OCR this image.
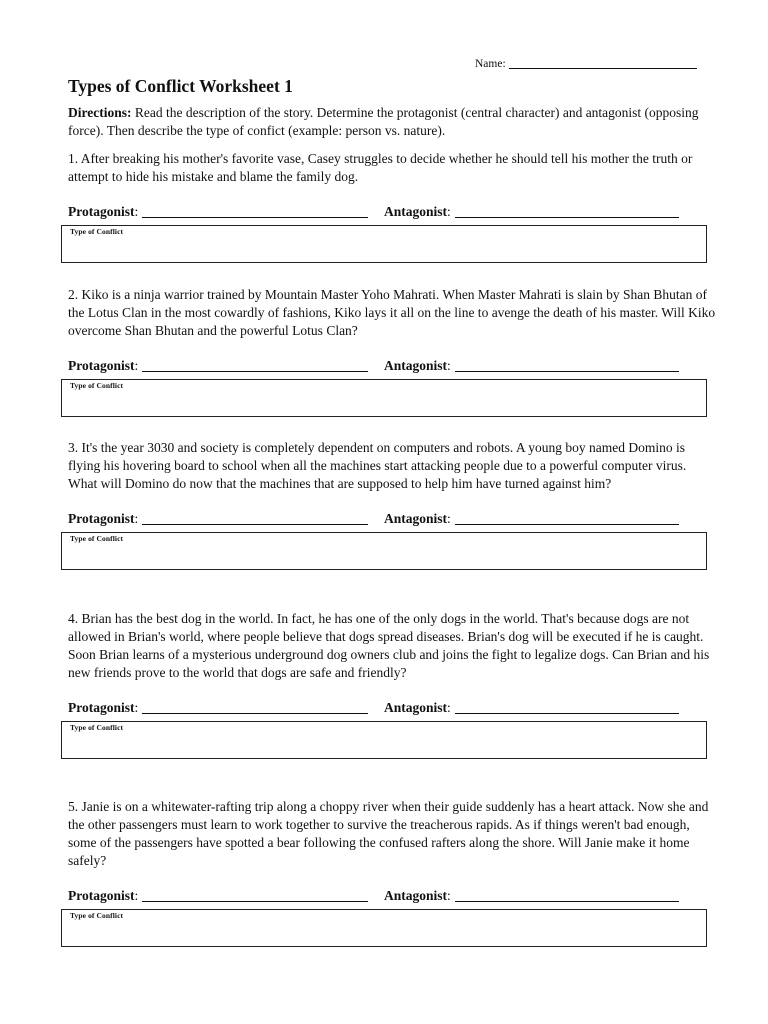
Name:
Types of Conflict Worksheet 1

Directions: Read the description of the story. Determine the protagonist (central character) and antagonist (opposing force). Then describe the type of confict (example: person vs. nature).

1. After breaking his mother's favorite vase, Casey struggles to decide whether he should tell his mother the truth or attempt to hide his mistake and blame the family dog.

Protagonist:	Antagonist:
Type of Conflict

2. Kiko is a ninja warrior trained by Mountain Master Yoho Mahrati. When Master Mahrati is slain by Shan Bhutan of the Lotus Clan in the most cowardly of fashions, Kiko lays it all on the line to avenge the death of his master. Will Kiko overcome Shan Bhutan and the powerful Lotus Clan?

Protagonist:	Antagonist:
Type of Conflict

3. It's the year 3030 and society is completely dependent on computers and robots. A young boy named Domino is flying his hovering board to school when all the machines start attacking people due to a powerful computer virus. What will Domino do now that the machines that are supposed to help him have turned against him?

Protagonist:	Antagonist:
Type of Conflict

4. Brian has the best dog in the world. In fact, he has one of the only dogs in the world. That's because dogs are not allowed in Brian's world, where people believe that dogs spread diseases. Brian's dog will be executed if he is caught. Soon Brian learns of a mysterious underground dog owners club and joins the fight to legalize dogs. Can Brian and his new friends prove to the world that dogs are safe and friendly?

Protagonist:	Antagonist:
Type of Conflict

5. Janie is on a whitewater-rafting trip along a choppy river when their guide suddenly has a heart attack. Now she and the other passengers must learn to work together to survive the treacherous rapids. As if things weren't bad enough, some of the passengers have spotted a bear following the confused rafters along the shore. Will Janie make it home safely?

Protagonist:	Antagonist:
Type of Conflict
